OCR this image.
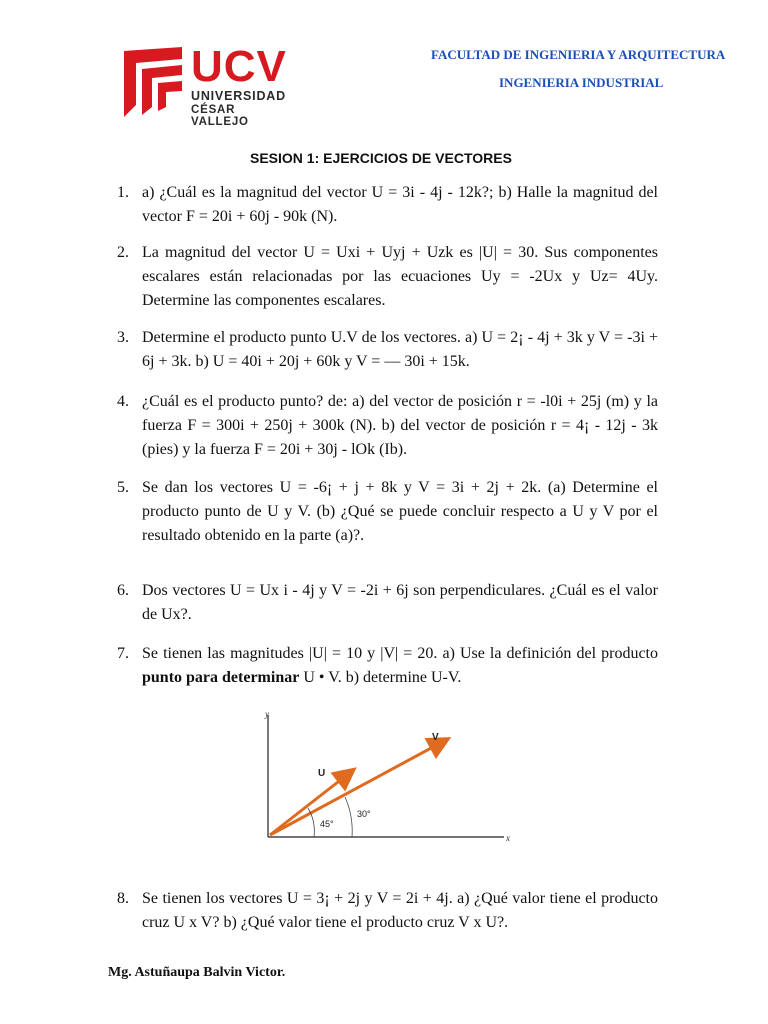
UCV
UNIVERSIDAD
CÉSAR VALLEJO
FACULTAD DE INGENIERIA Y ARQUITECTURA
INGENIERIA INDUSTRIAL
SESION 1: EJERCICIOS DE VECTORES
1. a) ¿Cuál es la magnitud del vector U = 3i - 4j - 12k?; b) Halle la magnitud del vector F = 20i + 60j - 90k (N).
2. La magnitud del vector U = Uxi + Uyj + Uzk es |U| = 30. Sus componentes escalares están relacionadas por las ecuaciones Uy = -2Ux y Uz= 4Uy. Determine las componentes escalares.
3. Determine el producto punto U.V de los vectores. a) U = 2¡ - 4j + 3k y V = -3i + 6j + 3k. b) U = 40i + 20j + 60k y V = — 30i + 15k.
4. ¿Cuál es el producto punto? de: a) del vector de posición r = -l0i + 25j (m) y la fuerza F = 300i + 250j + 300k (N). b) del vector de posición r = 4¡ - 12j - 3k (pies) y la fuerza F = 20i + 30j - lOk (Ib).
5. Se dan los vectores U = -6¡ + j + 8k y V = 3i + 2j + 2k. (a) Determine el producto punto de U y V. (b) ¿Qué se puede concluir respecto a U y V por el resultado obtenido en la parte (a)?.
6. Dos vectores U = Ux i - 4j y V = -2i + 6j son perpendiculares. ¿Cuál es el valor de Ux?.
7. Se tienen las magnitudes |U| = 10 y |V| = 20. a) Use la definición del producto punto para determinar U • V. b) determine U-V.
y
x
U
V
45°
30°
8. Se tienen los vectores U = 3¡ + 2j y V = 2i + 4j. a) ¿Qué valor tiene el producto cruz U x V? b) ¿Qué valor tiene el producto cruz V x U?.
Mg. Astuñaupa Balvin Victor.
